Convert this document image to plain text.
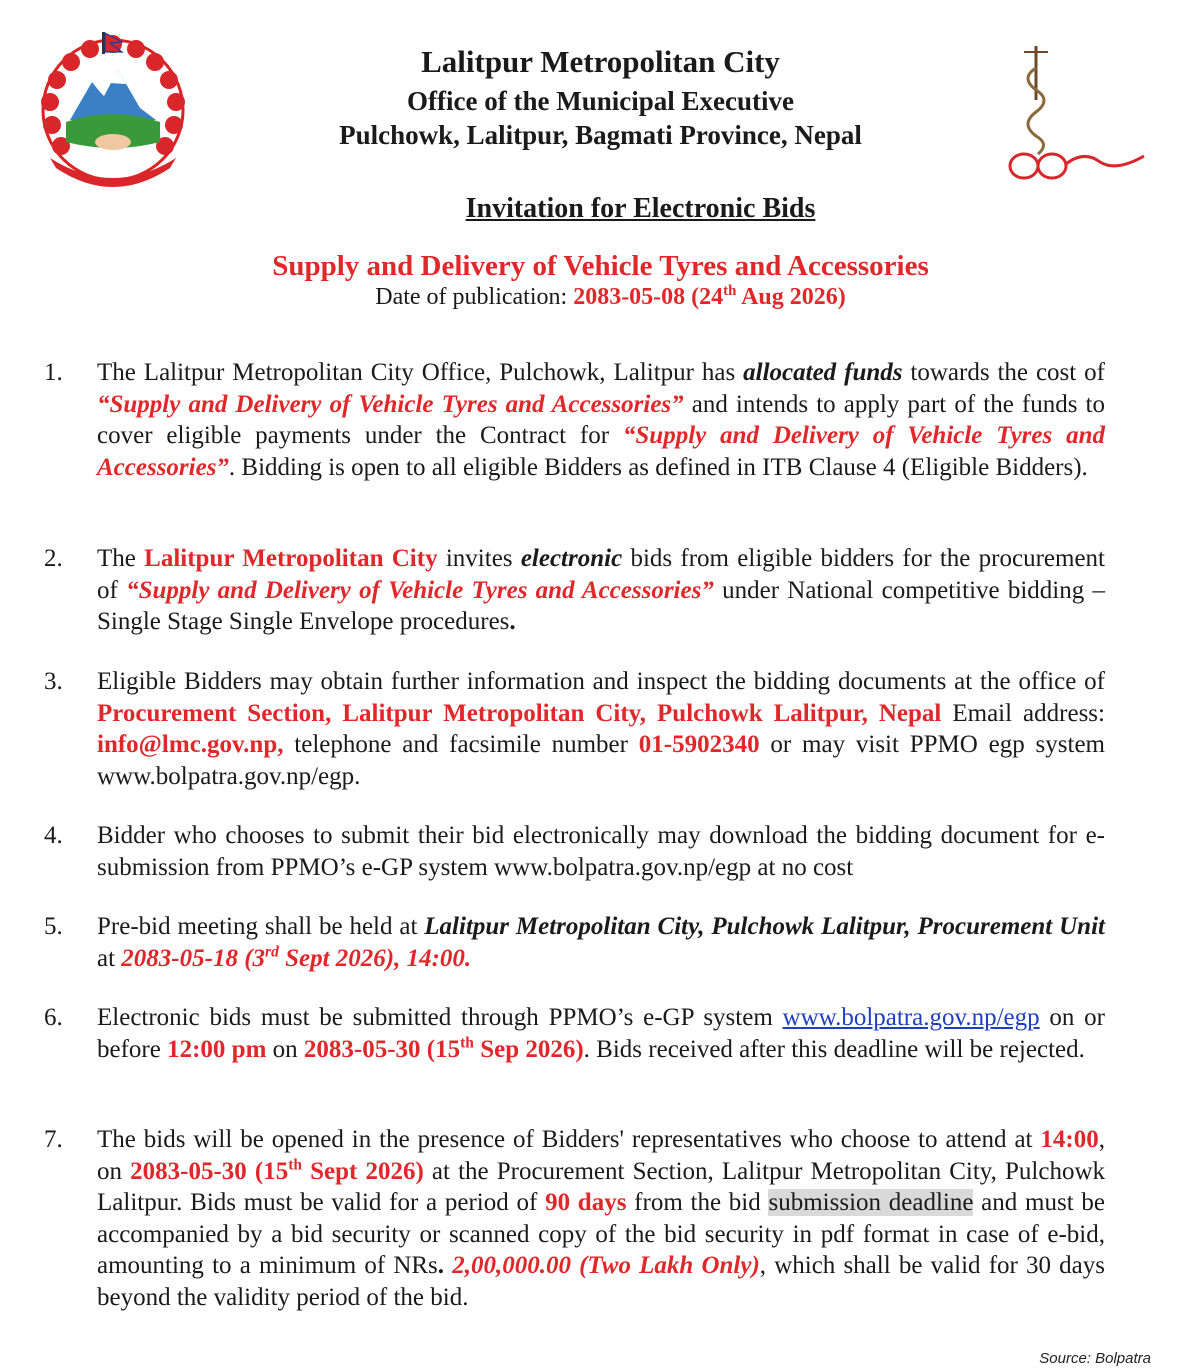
Lalitpur Metropolitan City
Office of the Municipal Executive
Pulchowk, Lalitpur, Bagmati Province, Nepal
Invitation for Electronic Bids
Supply and Delivery of Vehicle Tyres and Accessories
Date of publication: 2083-05-08 (24th Aug 2026)
1. The Lalitpur Metropolitan City Office, Pulchowk, Lalitpur has allocated funds towards the cost of “Supply and Delivery of Vehicle Tyres and Accessories” and intends to apply part of the funds to cover eligible payments under the Contract for “Supply and Delivery of Vehicle Tyres and Accessories”. Bidding is open to all eligible Bidders as defined in ITB Clause 4 (Eligible Bidders).
2. The Lalitpur Metropolitan City invites electronic bids from eligible bidders for the procurement of “Supply and Delivery of Vehicle Tyres and Accessories” under National competitive bidding – Single Stage Single Envelope procedures.
3. Eligible Bidders may obtain further information and inspect the bidding documents at the office of Procurement Section, Lalitpur Metropolitan City, Pulchowk Lalitpur, Nepal Email address: info@lmc.gov.np, telephone and facsimile number 01-5902340 or may visit PPMO egp system www.bolpatra.gov.np/egp.
4. Bidder who chooses to submit their bid electronically may download the bidding document for e-submission from PPMO’s e-GP system www.bolpatra.gov.np/egp at no cost
5. Pre-bid meeting shall be held at Lalitpur Metropolitan City, Pulchowk Lalitpur, Procurement Unit at 2083-05-18 (3rd Sept 2026), 14:00.
6. Electronic bids must be submitted through PPMO’s e-GP system www.bolpatra.gov.np/egp on or before 12:00 pm on 2083-05-30 (15th Sep 2026). Bids received after this deadline will be rejected.
7. The bids will be opened in the presence of Bidders' representatives who choose to attend at 14:00, on 2083-05-30 (15th Sept 2026) at the Procurement Section, Lalitpur Metropolitan City, Pulchowk Lalitpur. Bids must be valid for a period of 90 days from the bid submission deadline and must be accompanied by a bid security or scanned copy of the bid security in pdf format in case of e-bid, amounting to a minimum of NRs. 2,00,000.00 (Two Lakh Only), which shall be valid for 30 days beyond the validity period of the bid.
Source: Bolpatra
